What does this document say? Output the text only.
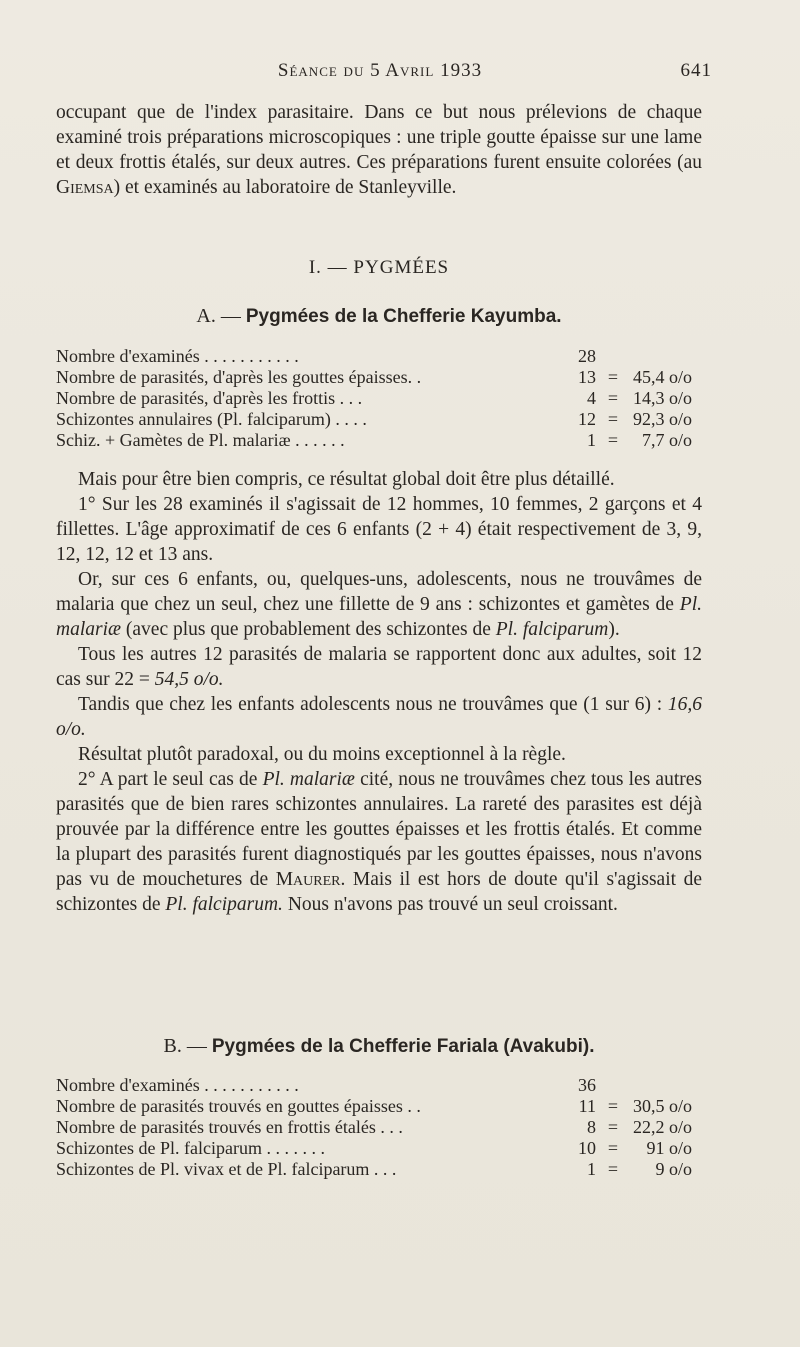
Séance du 5 Avril 1933	641

occupant que de l'index parasitaire. Dans ce but nous prélevions de chaque examiné trois préparations microscopiques : une triple goutte épaisse sur une lame et deux frottis étalés, sur deux autres. Ces préparations furent ensuite colorées (au Giemsa) et examinés au laboratoire de Stanleyville.

I. — PYGMÉES

A. — Pygmées de la Chefferie Kayumba.

Nombre d'examinés . . . . . . . . . . .	28		
Nombre de parasités, d'après les gouttes épaisses. .	13	=	45,4 o/o
Nombre de parasités, d'après les frottis . . .	4	=	14,3 o/o
Schizontes annulaires (Pl. falciparum) . . . .	12	=	92,3 o/o
Schiz. + Gamètes de Pl. malariæ . . . . . .	1	=	7,7 o/o

Mais pour être bien compris, ce résultat global doit être plus détaillé.

1° Sur les 28 examinés il s'agissait de 12 hommes, 10 femmes, 2 garçons et 4 fillettes. L'âge approximatif de ces 6 enfants (2 + 4) était respectivement de 3, 9, 12, 12, 12 et 13 ans.

Or, sur ces 6 enfants, ou, quelques-uns, adolescents, nous ne trouvâmes de malaria que chez un seul, chez une fillette de 9 ans : schizontes et gamètes de Pl. malariæ (avec plus que probablement des schizontes de Pl. falciparum).

Tous les autres 12 parasités de malaria se rapportent donc aux adultes, soit 12 cas sur 22 = 54,5 o/o.

Tandis que chez les enfants adolescents nous ne trouvâmes que (1 sur 6) : 16,6 o/o.

Résultat plutôt paradoxal, ou du moins exceptionnel à la règle.

2° A part le seul cas de Pl. malariæ cité, nous ne trouvâmes chez tous les autres parasités que de bien rares schizontes annulaires. La rareté des parasites est déjà prouvée par la différence entre les gouttes épaisses et les frottis étalés. Et comme la plupart des parasités furent diagnostiqués par les gouttes épaisses, nous n'avons pas vu de mouchetures de Maurer. Mais il est hors de doute qu'il s'agissait de schizontes de Pl. falciparum. Nous n'avons pas trouvé un seul croissant.

B. — Pygmées de la Chefferie Fariala (Avakubi).

Nombre d'examinés . . . . . . . . . . .	36		
Nombre de parasités trouvés en gouttes épaisses . .	11	=	30,5 o/o
Nombre de parasités trouvés en frottis étalés . . .	8	=	22,2 o/o
Schizontes de Pl. falciparum . . . . . . .	10	=	91 o/o
Schizontes de Pl. vivax et de Pl. falciparum . . .	1	=	9 o/o
